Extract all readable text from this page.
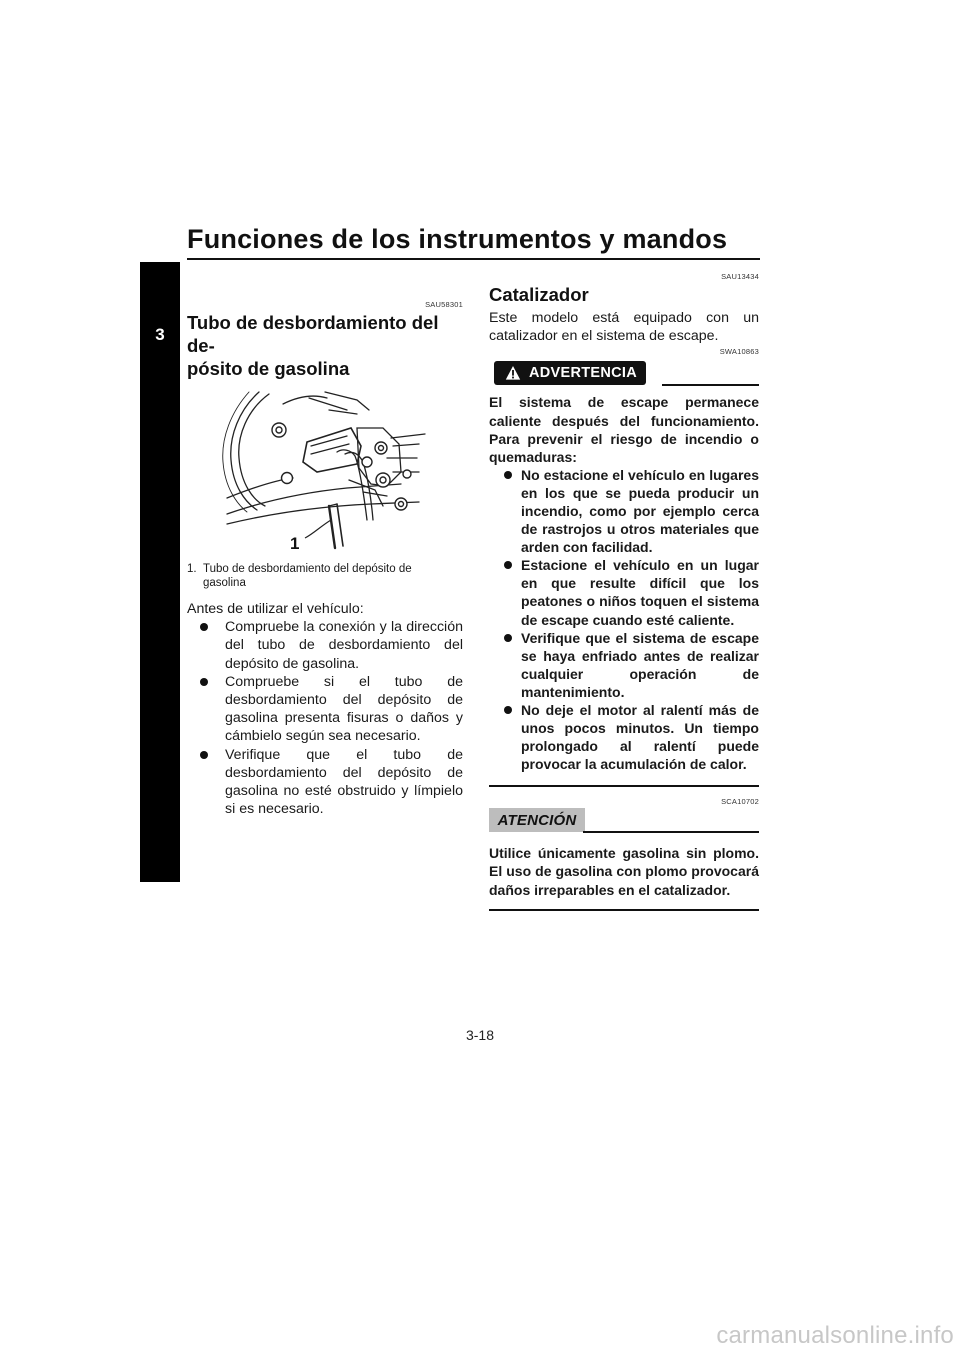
Funciones de los instrumentos y mandos
3
SAU58301
Tubo de desbordamiento del de-
pósito de gasolina
1
1. Tubo de desbordamiento del depósito de
gasolina

Antes de utilizar el vehículo:

Compruebe la conexión y la dirección del tubo de desbordamiento del depósito de gasolina.
Compruebe si el tubo de desbordamiento del depósito de gasolina presenta fisuras o daños y cámbielo según sea necesario.
Verifique que el tubo de desbordamiento del depósito de gasolina no esté obstruido y límpielo si es necesario.
SAU13434
Catalizador

Este modelo está equipado con un catalizador en el sistema de escape.

SWA10863
ADVERTENCIA

El sistema de escape permanece caliente después del funcionamiento. Para prevenir el riesgo de incendio o quemaduras:

No estacione el vehículo en lugares en los que se pueda producir un incendio, como por ejemplo cerca de rastrojos u otros materiales que arden con facilidad.
Estacione el vehículo en un lugar en que resulte difícil que los peatones o niños toquen el sistema de escape cuando esté caliente.
Verifique que el sistema de escape se haya enfriado antes de realizar cualquier operación de mantenimiento.
No deje el motor al ralentí más de unos pocos minutos. Un tiempo prolongado al ralentí puede provocar la acumulación de calor.
SCA10702
ATENCIÓN

Utilice únicamente gasolina sin plomo. El uso de gasolina con plomo provocará daños irreparables en el catalizador.

3-18
carmanualsonline.info
